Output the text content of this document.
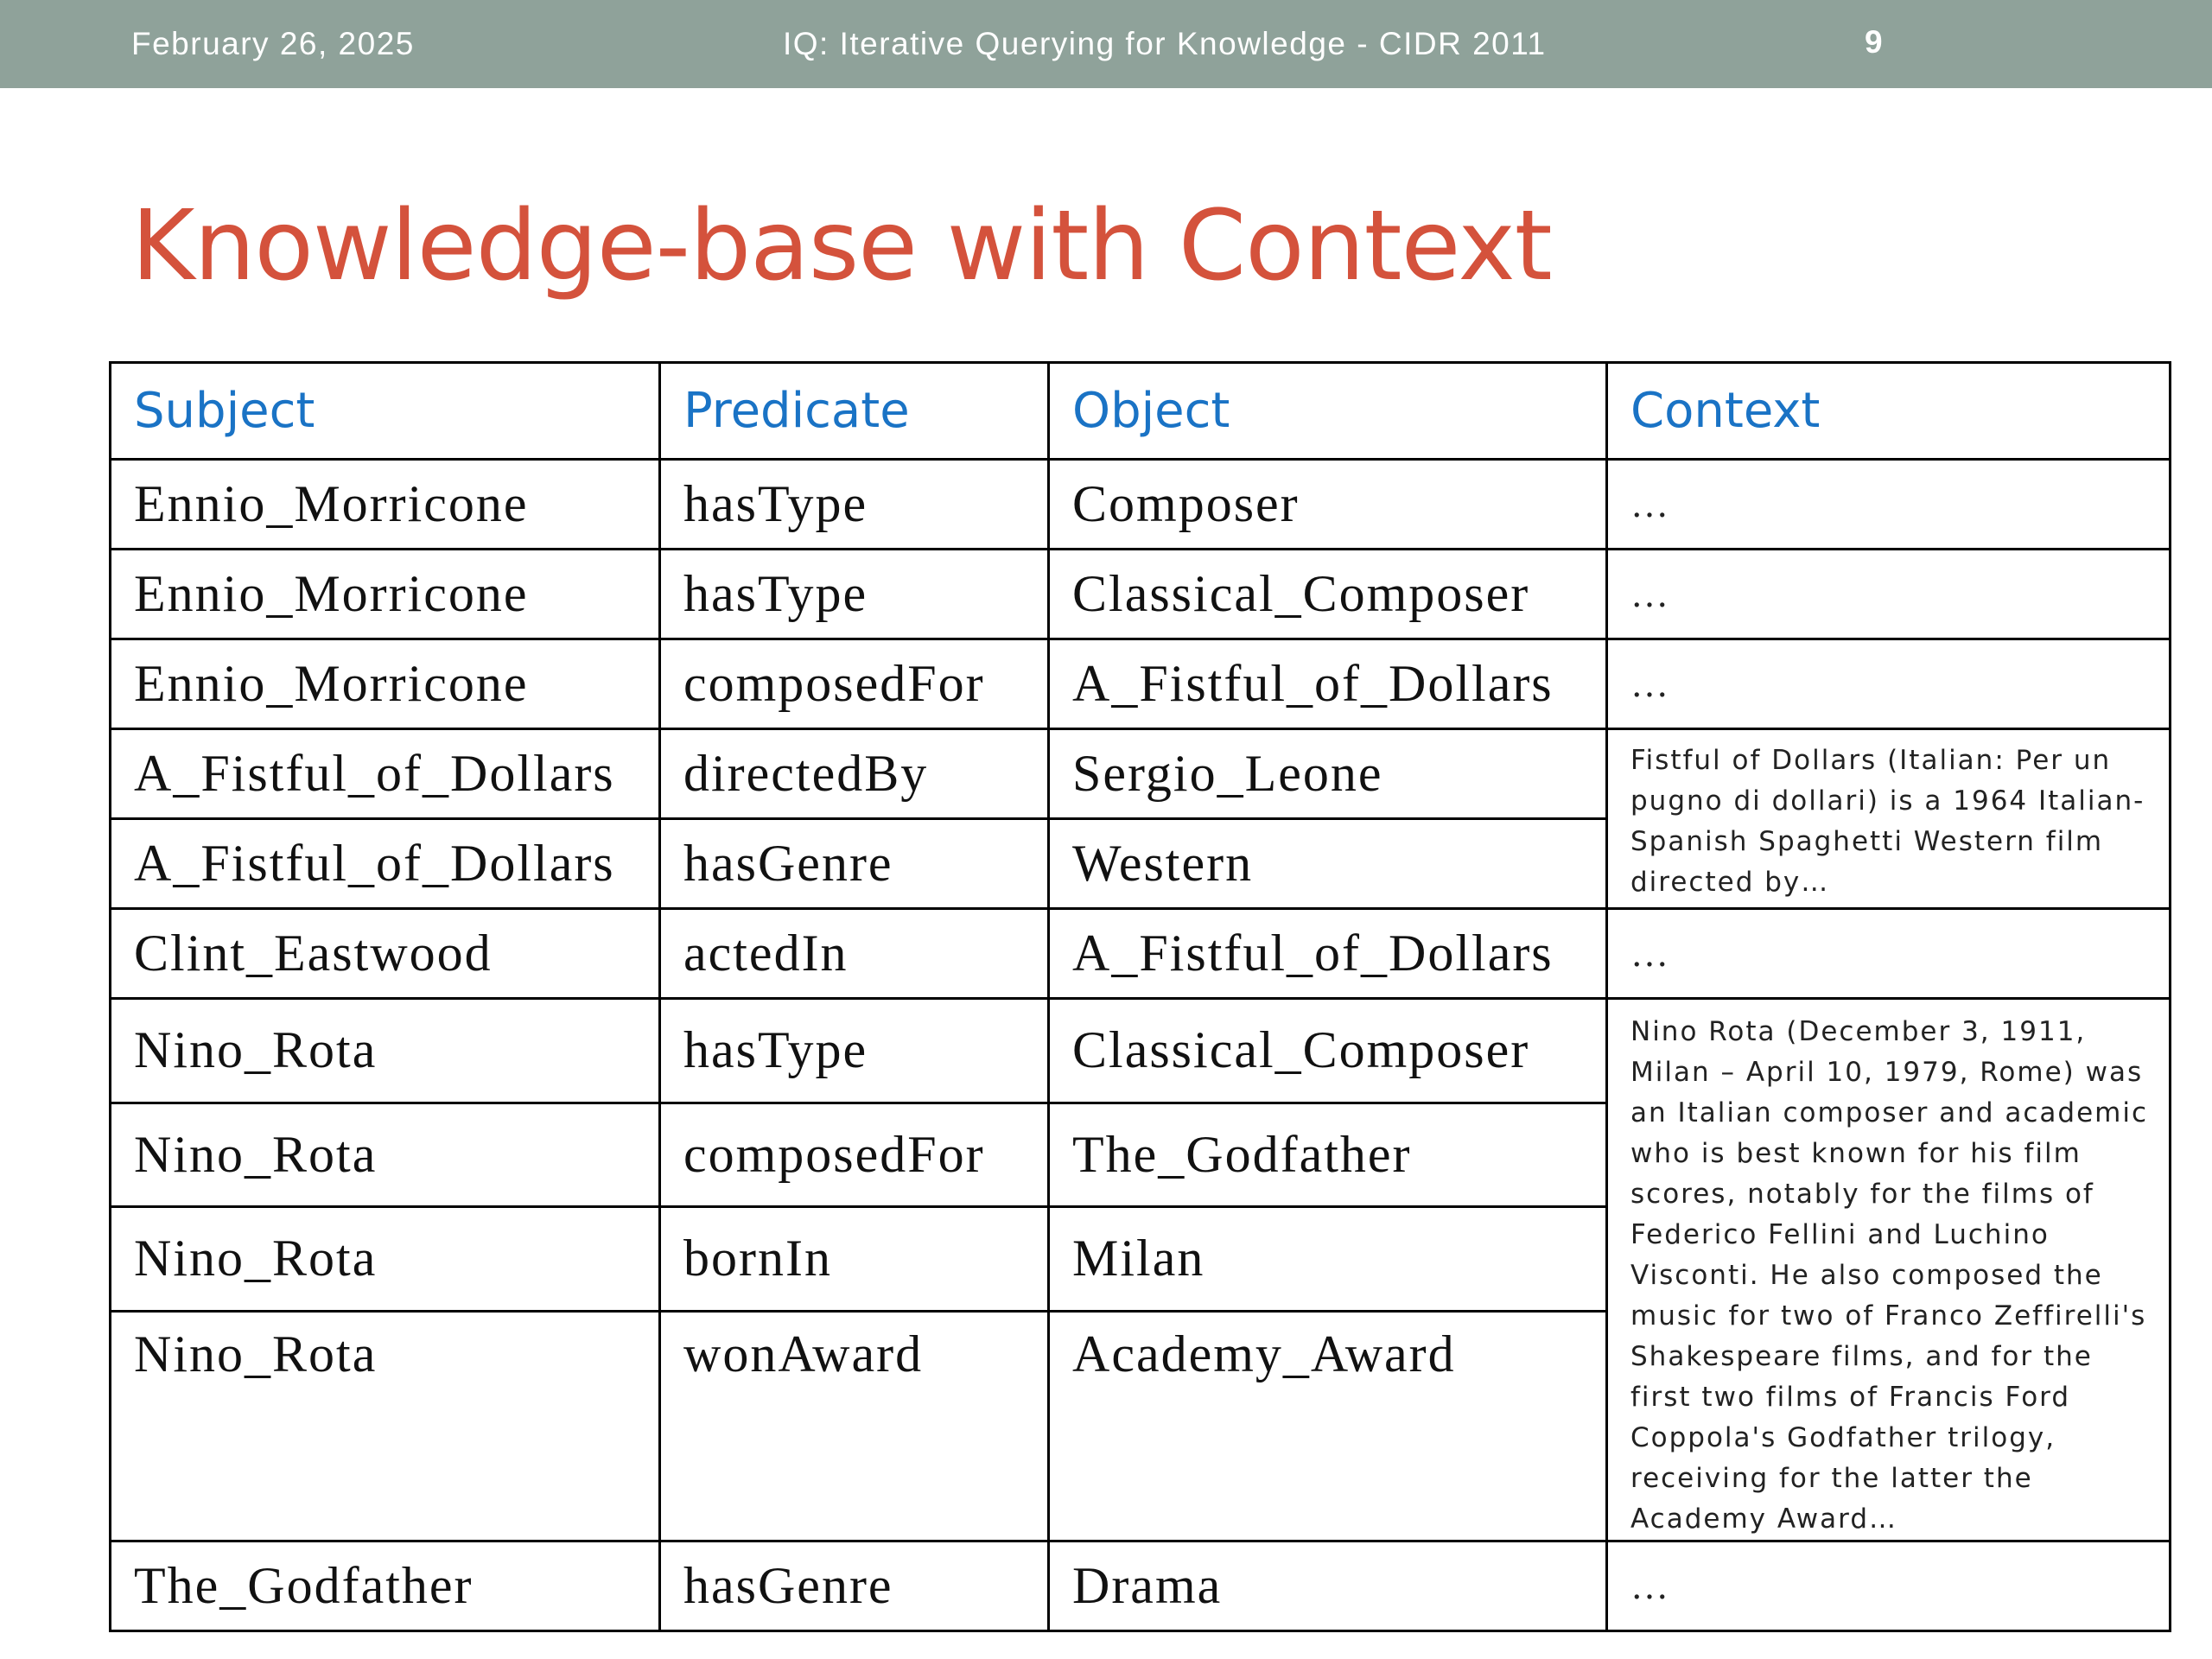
February 26, 2025	IQ: Iterative Querying for Knowledge - CIDR 2011	9
Knowledge-base with Context
Subject	Predicate	Object	Context
Ennio_Morricone	hasType	Composer	…
Ennio_Morricone	hasType	Classical_Composer	…
Ennio_Morricone	composedFor	A_Fistful_of_Dollars	…
A_Fistful_of_Dollars	directedBy	Sergio_Leone	Fistful of Dollars (Italian: Per un pugno di dollari) is a 1964 Italian-Spanish Spaghetti Western film directed by…
A_Fistful_of_Dollars	hasGenre	Western	
Clint_Eastwood	actedIn	A_Fistful_of_Dollars	…
Nino_Rota	hasType	Classical_Composer	Nino Rota (December 3, 1911, Milan – April 10, 1979, Rome) was an Italian composer and academic who is best known for his film scores, notably for the films of Federico Fellini and Luchino Visconti. He also composed the music for two of Franco Zeffirelli's Shakespeare films, and for the first two films of Francis Ford Coppola's Godfather trilogy, receiving for the latter the Academy Award…
Nino_Rota	composedFor	The_Godfather	
Nino_Rota	bornIn	Milan	
Nino_Rota	wonAward	Academy_Award	
The_Godfather	hasGenre	Drama	…
